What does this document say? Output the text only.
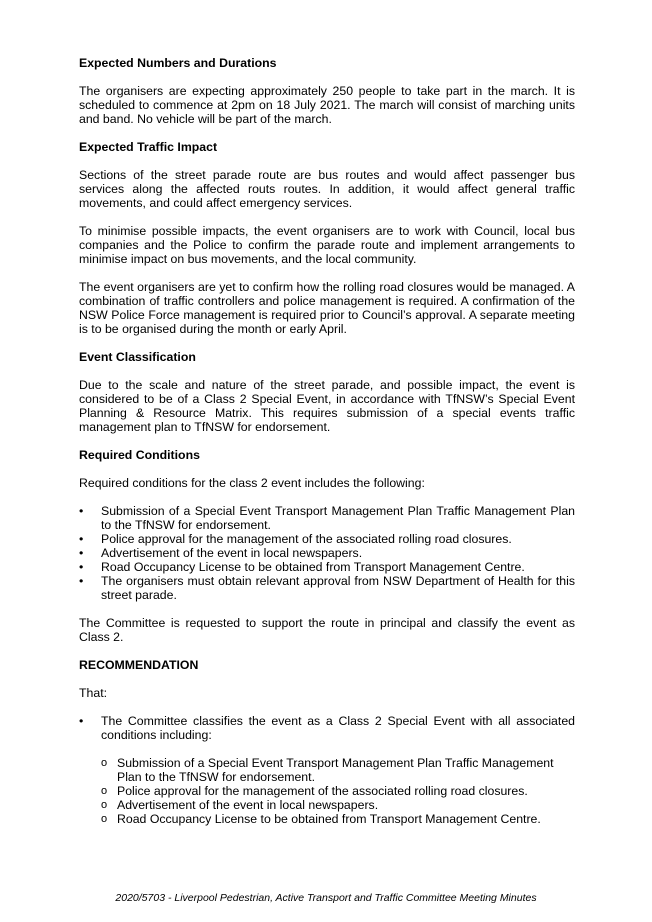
Expected Numbers and Durations

The organisers are expecting approximately 250 people to take part in the march. It is scheduled to commence at 2pm on 18 July 2021. The march will consist of marching units and band. No vehicle will be part of the march.

Expected Traffic Impact

Sections of the street parade route are bus routes and would affect passenger bus services along the affected routs routes. In addition, it would affect general traffic movements, and could affect emergency services.

To minimise possible impacts, the event organisers are to work with Council, local bus companies and the Police to confirm the parade route and implement arrangements to minimise impact on bus movements, and the local community.

The event organisers are yet to confirm how the rolling road closures would be managed. A combination of traffic controllers and police management is required. A confirmation of the NSW Police Force management is required prior to Council’s approval. A separate meeting is to be organised during the month or early April.

Event Classification

Due to the scale and nature of the street parade, and possible impact, the event is considered to be of a Class 2 Special Event, in accordance with TfNSW’s Special Event Planning & Resource Matrix. This requires submission of a special events traffic management plan to TfNSW for endorsement.

Required Conditions

Required conditions for the class 2 event includes the following:

• Submission of a Special Event Transport Management Plan Traffic Management Plan to the TfNSW for endorsement.
• Police approval for the management of the associated rolling road closures.
• Advertisement of the event in local newspapers.
• Road Occupancy License to be obtained from Transport Management Centre.
• The organisers must obtain relevant approval from NSW Department of Health for this street parade.

The Committee is requested to support the route in principal and classify the event as Class 2.

RECOMMENDATION

That:

• The Committee classifies the event as a Class 2 Special Event with all associated conditions including:
o Submission of a Special Event Transport Management Plan Traffic Management Plan to the TfNSW for endorsement.
o Police approval for the management of the associated rolling road closures.
o Advertisement of the event in local newspapers.
o Road Occupancy License to be obtained from Transport Management Centre.
2020/5703 - Liverpool Pedestrian, Active Transport and Traffic Committee Meeting Minutes
